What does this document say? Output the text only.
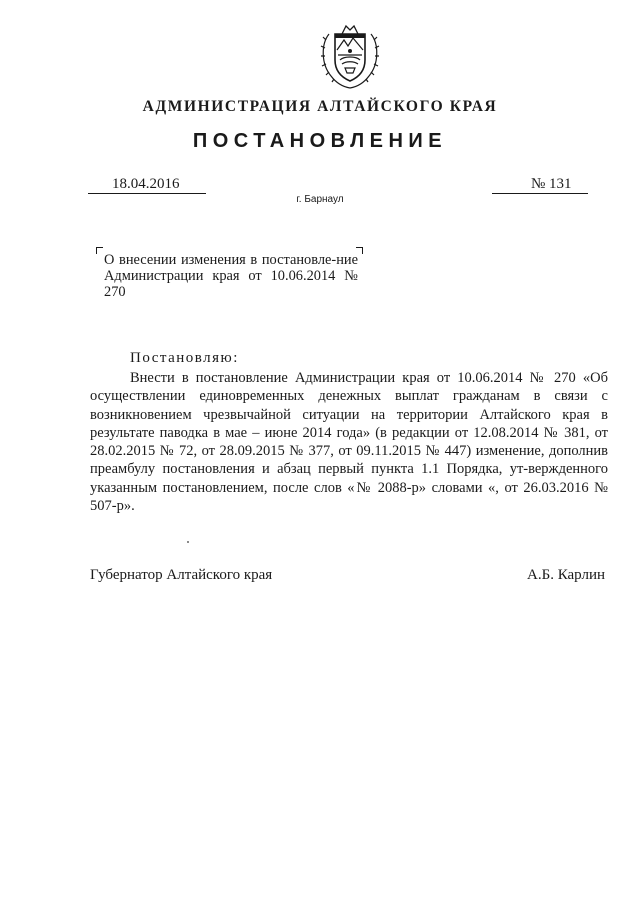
АДМИНИСТРАЦИЯ АЛТАЙСКОГО КРАЯ
ПОСТАНОВЛЕНИЕ
18.04.2016	№ 131
г. Барнаул
О внесении изменения в постановле-ние Администрации края от 10.06.2014 № 270
Постановляю:
Внести в постановление Администрации края от 10.06.2014 № 270 «Об осуществлении единовременных денежных выплат гражданам в связи с возникновением чрезвычайной ситуации на территории Алтайского края в результате паводка в мае – июне 2014 года» (в редакции от 12.08.2014 № 381, от 28.02.2015 № 72, от 28.09.2015 № 377, от 09.11.2015 № 447) изменение, дополнив преамбулу постановления и абзац первый пункта 1.1 Порядка, ут-вержденного указанным постановлением, после слов «№ 2088-р» словами «, от 26.03.2016 № 507-р».
Губернатор Алтайского края	А.Б. Карлин
